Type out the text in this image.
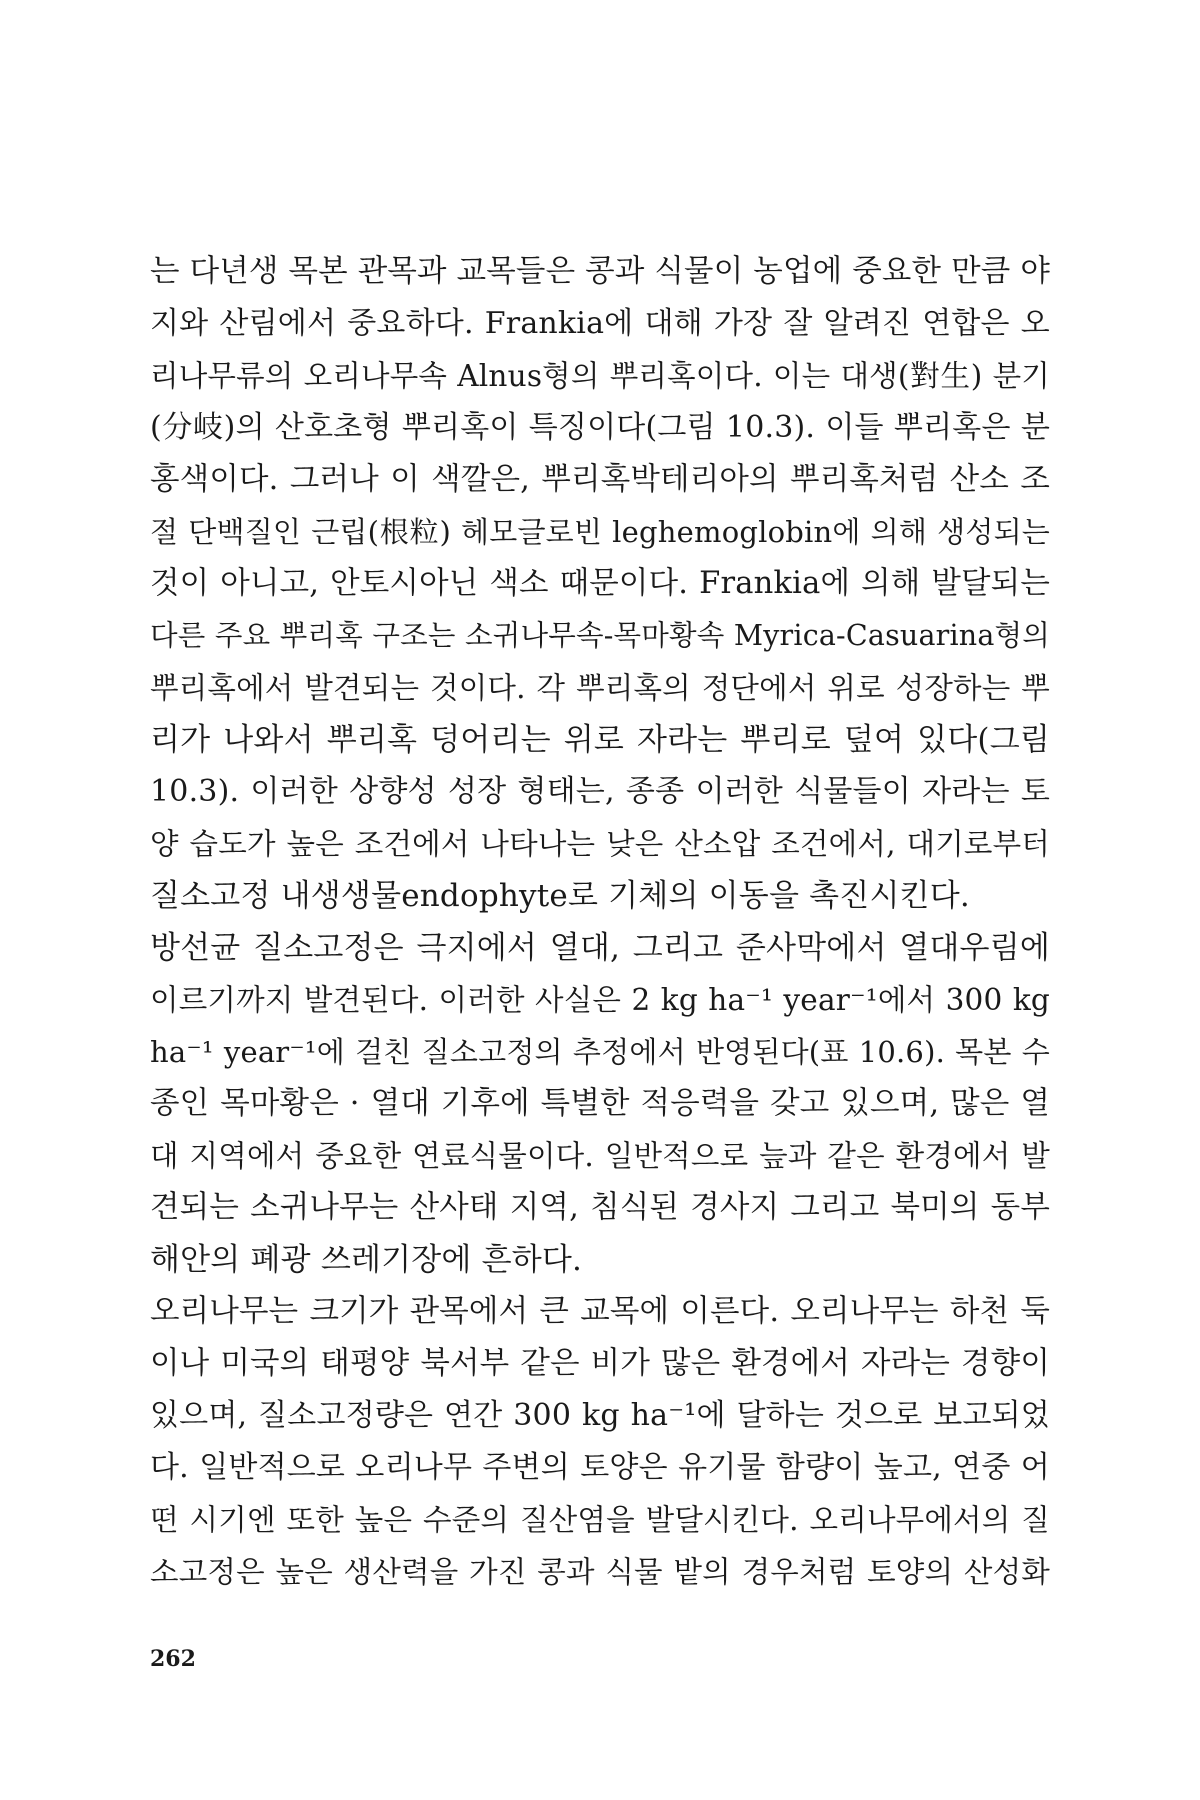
는 다년생 목본 관목과 교목들은 콩과 식물이 농업에 중요한 만큼 야
지와 산림에서 중요하다. Frankia에 대해 가장 잘 알려진 연합은 오
리나무류의 오리나무속 Alnus형의 뿌리혹이다. 이는 대생(對生) 분기
(分岐)의 산호초형 뿌리혹이 특징이다(그림 10.3). 이들 뿌리혹은 분
홍색이다. 그러나 이 색깔은, 뿌리혹박테리아의 뿌리혹처럼 산소 조
절 단백질인 근립(根粒) 헤모글로빈 leghemoglobin에 의해 생성되는
것이 아니고, 안토시아닌 색소 때문이다. Frankia에 의해 발달되는
다른 주요 뿌리혹 구조는 소귀나무속-목마황속 Myrica-Casuarina형의
뿌리혹에서 발견되는 것이다. 각 뿌리혹의 정단에서 위로 성장하는 뿌
리가 나와서 뿌리혹 덩어리는 위로 자라는 뿌리로 덮여 있다(그림
10.3). 이러한 상향성 성장 형태는, 종종 이러한 식물들이 자라는 토
양 습도가 높은 조건에서 나타나는 낮은 산소압 조건에서, 대기로부터
질소고정 내생생물endophyte로 기체의 이동을 촉진시킨다.
방선균 질소고정은 극지에서 열대, 그리고 준사막에서 열대우림에
이르기까지 발견된다. 이러한 사실은 2 kg ha⁻¹ year⁻¹에서 300 kg
ha⁻¹ year⁻¹에 걸친 질소고정의 추정에서 반영된다(표 10.6). 목본 수
종인 목마황은 · 열대 기후에 특별한 적응력을 갖고 있으며, 많은 열
대 지역에서 중요한 연료식물이다. 일반적으로 늪과 같은 환경에서 발
견되는 소귀나무는 산사태 지역, 침식된 경사지 그리고 북미의 동부
해안의 폐광 쓰레기장에 흔하다.
오리나무는 크기가 관목에서 큰 교목에 이른다. 오리나무는 하천 둑
이나 미국의 태평양 북서부 같은 비가 많은 환경에서 자라는 경향이
있으며, 질소고정량은 연간 300 kg ha⁻¹에 달하는 것으로 보고되었
다. 일반적으로 오리나무 주변의 토양은 유기물 함량이 높고, 연중 어
떤 시기엔 또한 높은 수준의 질산염을 발달시킨다. 오리나무에서의 질
소고정은 높은 생산력을 가진 콩과 식물 밭의 경우처럼 토양의 산성화
262
